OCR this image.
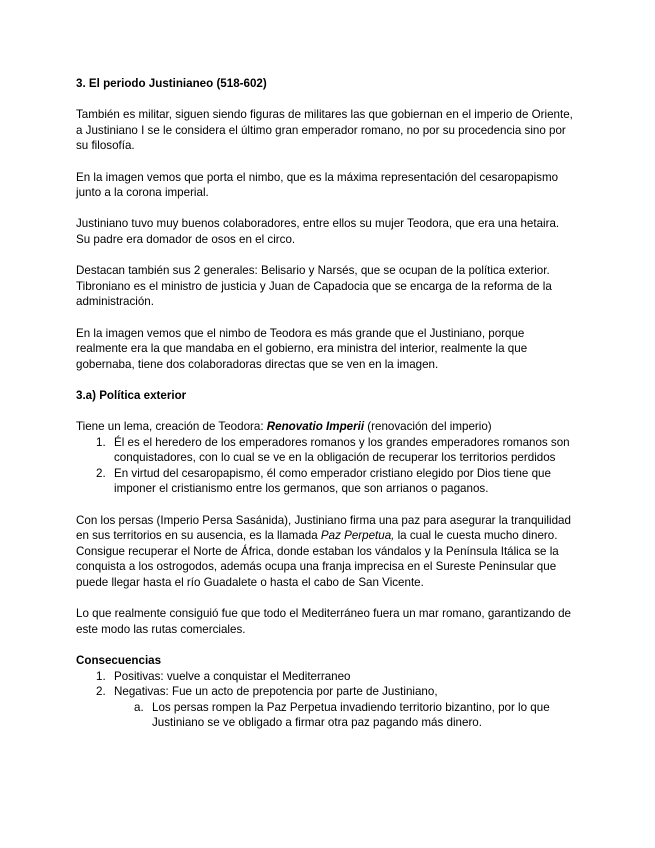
3. El periodo Justinianeo (518-602)

También es militar, siguen siendo figuras de militares las que gobiernan en el imperio de Oriente, a Justiniano I se le considera el último gran emperador romano, no por su procedencia sino por su filosofía.

En la imagen vemos que porta el nimbo, que es la máxima representación del cesaropapismo junto a la corona imperial.

Justiniano tuvo muy buenos colaboradores, entre ellos su mujer Teodora, que era una hetaira. Su padre era domador de osos en el circo.

Destacan también sus 2 generales: Belisario y Narsés, que se ocupan de la política exterior. Tibroniano es el ministro de justicia y Juan de Capadocia que se encarga de la reforma de la administración.

En la imagen vemos que el nimbo de Teodora es más grande que el Justiniano, porque realmente era la que mandaba en el gobierno, era ministra del interior, realmente la que gobernaba, tiene dos colaboradoras directas que se ven en la imagen.

3.a) Política exterior

Tiene un lema, creación de Teodora: Renovatio Imperii (renovación del imperio)

1. Él es el heredero de los emperadores romanos y los grandes emperadores romanos son conquistadores, con lo cual se ve en la obligación de recuperar los territorios perdidos
2. En virtud del cesaropapismo, él como emperador cristiano elegido por Dios tiene que imponer el cristianismo entre los germanos, que son arrianos o paganos.

Con los persas (Imperio Persa Sasánida), Justiniano firma una paz para asegurar la tranquilidad en sus territorios en su ausencia, es la llamada Paz Perpetua, la cual le cuesta mucho dinero.

Consigue recuperar el Norte de África, donde estaban los vándalos y la Península Itálica se la conquista a los ostrogodos, además ocupa una franja imprecisa en el Sureste Peninsular que puede llegar hasta el río Guadalete o hasta el cabo de San Vicente.

Lo que realmente consiguió fue que todo el Mediterráneo fuera un mar romano, garantizando de este modo las rutas comerciales.

Consecuencias
1. Positivas: vuelve a conquistar el Mediterraneo
2. Negativas: Fue un acto de prepotencia por parte de Justiniano,
a. Los persas rompen la Paz Perpetua invadiendo territorio bizantino, por lo que Justiniano se ve obligado a firmar otra paz pagando más dinero.
